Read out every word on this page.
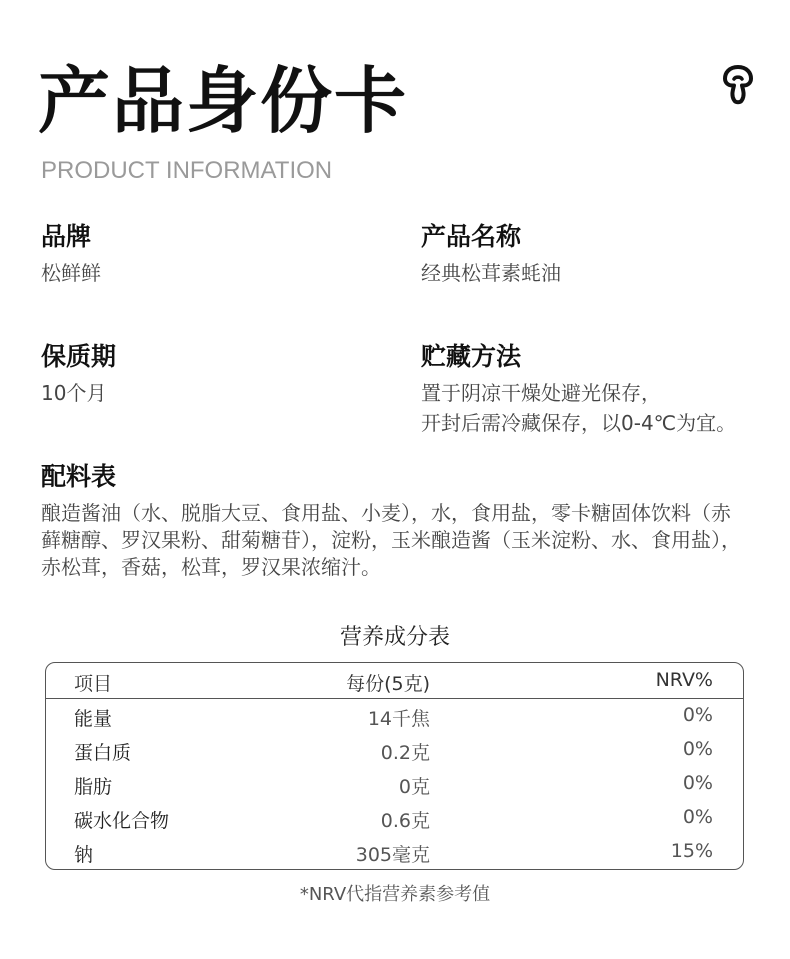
产品身份卡
PRODUCT INFORMATION
品牌
松鲜鲜
产品名称
经典松茸素蚝油
保质期
10个月
贮藏方法
置于阴凉干燥处避光保存，
开封后需冷藏保存，以0-4℃为宜。
配料表
酿造酱油（水、脱脂大豆、食用盐、小麦），水，食用盐，零卡糖固体饮料（赤藓糖醇、罗汉果粉、甜菊糖苷），淀粉，玉米酿造酱（玉米淀粉、水、食用盐），赤松茸，香菇，松茸，罗汉果浓缩汁。
营养成分表
项目	每份(5克)	NRV%
能量	14千焦	0%
蛋白质	0.2克	0%
脂肪	0克	0%
碳水化合物	0.6克	0%
钠	305毫克	15%
*NRV代指营养素参考值
